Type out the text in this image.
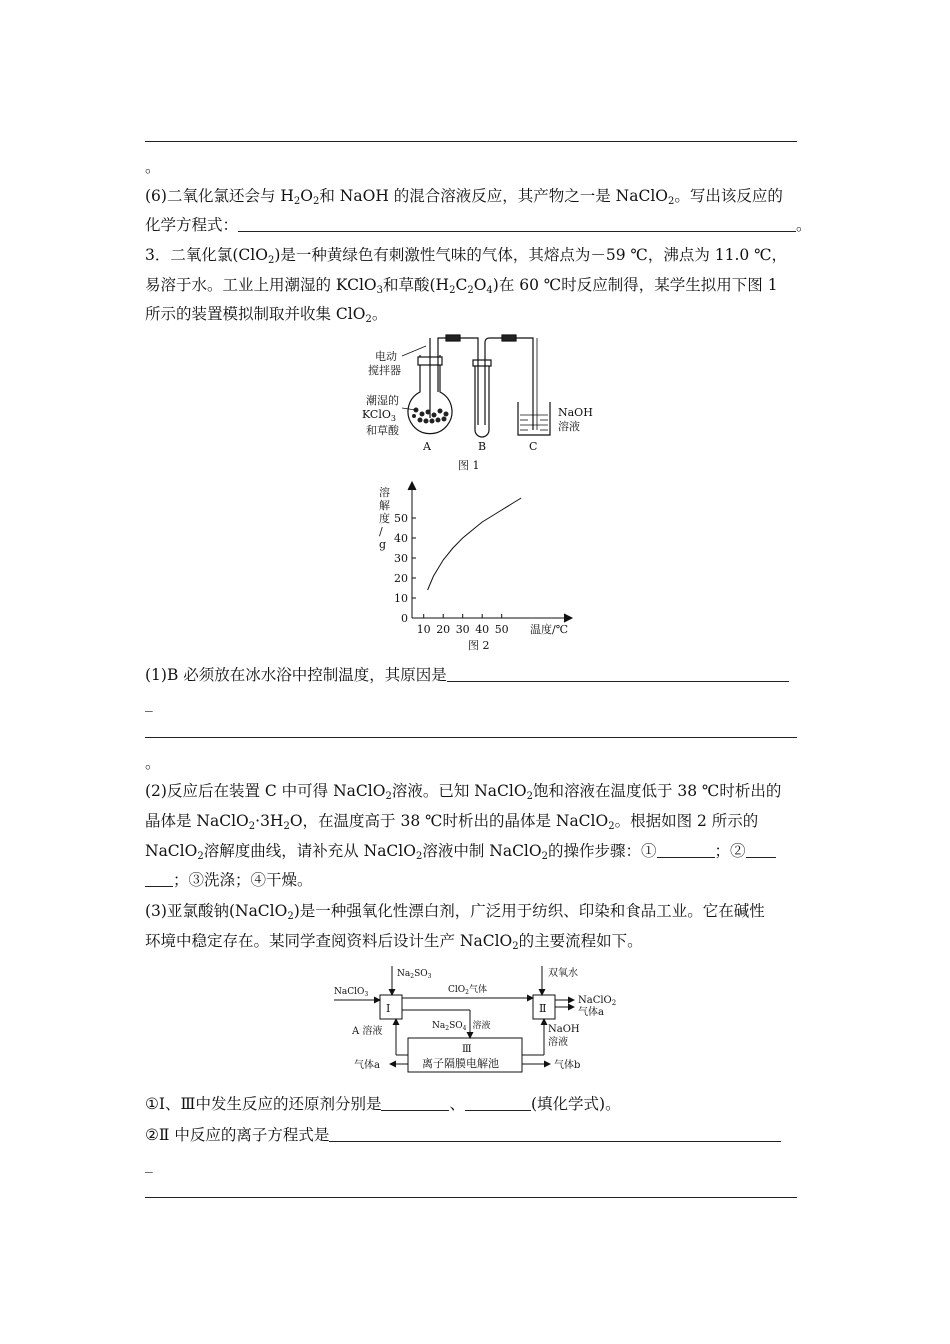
。
(6)二氧化氯还会与 $H_2O_2$和 NaOH 的混合溶液反应，其产物之一是 NaClO$_2$。写出该反应的
化学方程式：	。
3．二氧化氯(ClO$_2$)是一种黄绿色有刺激性气味的气体，其熔点为－59 ℃，沸点为 11.0 ℃，
易溶于水。工业上用潮湿的 KClO$_3$和草酸$(H_2C_2O_4)$在 60 ℃时反应制得，某学生拟用下图 1
所示的装置模拟制取并收集 ClO$_2$。
电动
搅拌器
潮湿的
KClO$_3$
和草酸
NaOH
溶液
A	B	C
图 1
溶
解
度
/
g
0
10
20
30
40
50
10 20 30 40 50 温度/℃
图 2
(1)B 必须放在冰水浴中控制温度，其原因是
_
。
(2)反应后在装置 C 中可得 NaClO$_2$溶液。已知 NaClO$_2$饱和溶液在温度低于 38 ℃时析出的
晶体是 $NaClO_2\cdot 3H_2O$，在温度高于 38 ℃时析出的晶体是 NaClO$_2$。根据如图 2 所示的
NaClO$_2$溶解度曲线，请补充从 NaClO$_2$溶液中制 NaClO$_2$的操作步骤：①	；②
；③洗涤；④干燥。
(3)亚氯酸钠(NaClO$_2$)是一种强氧化性漂白剂，广泛用于纺织、印染和食品工业。它在碱性
环境中稳定存在。某同学查阅资料后设计生产 NaClO$_2$的主要流程如下。
NaClO$_3$
$Na_2SO_3$
Ⅰ
ClO$_2$气体
Ⅱ
双氧水
NaClO$_2$
气体a
A 溶液	$Na_2SO_4$ 溶液	NaOH
溶液
Ⅲ
离子隔膜电解池
气体a	气体b
①Ⅰ、Ⅲ中发生反应的还原剂分别是	、	(填化学式)。
②Ⅱ 中反应的离子方程式是
_
